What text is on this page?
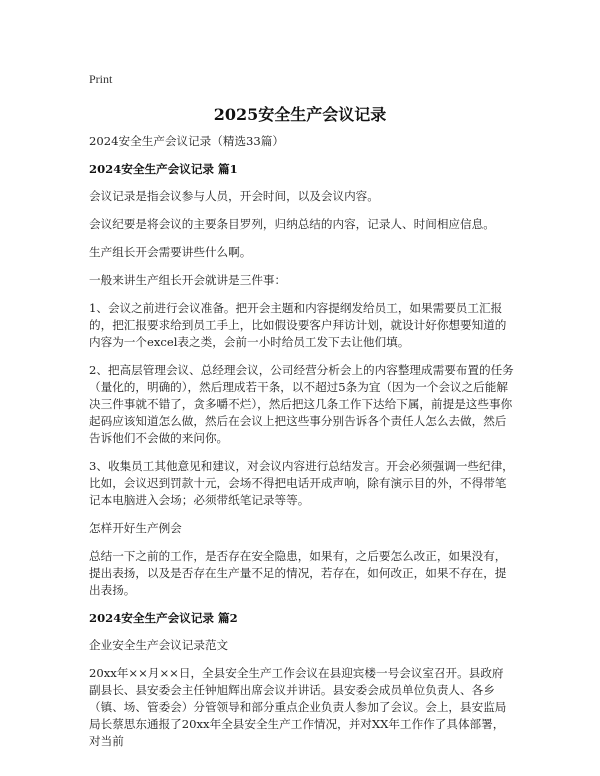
Print
2025安全生产会议记录

2024安全生产会议记录（精选33篇）

2024安全生产会议记录 篇1

会议记录是指会议参与人员，开会时间，以及会议内容。

会议纪要是将会议的主要条目罗列，归纳总结的内容，记录人、时间相应信息。

生产组长开会需要讲些什么啊。

一般来讲生产组长开会就讲是三件事：

1、会议之前进行会议准备。把开会主题和内容提纲发给员工，如果需要员工汇报的，把汇报要求给到员工手上，比如假设要客户拜访计划，就设计好你想要知道的内容为一个excel表之类，会前一小时给员工发下去让他们填。

2、把高层管理会议、总经理会议，公司经营分析会上的内容整理成需要布置的任务（量化的，明确的），然后理成若干条，以不超过5条为宜（因为一个会议之后能解决三件事就不错了，贪多嚼不烂），然后把这几条工作下达给下属，前提是这些事你起码应该知道怎么做，然后在会议上把这些事分别告诉各个责任人怎么去做，然后告诉他们不会做的来问你。

3、收集员工其他意见和建议，对会议内容进行总结发言。开会必须强调一些纪律，比如，会议迟到罚款十元，会场不得把电话开成声响，除有演示目的外，不得带笔记本电脑进入会场；必须带纸笔记录等等。

怎样开好生产例会

总结一下之前的工作，是否存在安全隐患，如果有，之后要怎么改正，如果没有，提出表扬，以及是否存在生产量不足的情况，若存在，如何改正，如果不存在，提出表扬。

2024安全生产会议记录 篇2

企业安全生产会议记录范文

20xx年××月××日，全县安全生产工作会议在县迎宾楼一号会议室召开。县政府副县长、县安委会主任钟旭辉出席会议并讲话。县安委会成员单位负责人、各乡（镇、场、管委会）分管领导和部分重点企业负责人参加了会议。会上，县安监局局长蔡思东通报了20xx年全县安全生产工作情况，并对XX年工作作了具体部署，对当前
